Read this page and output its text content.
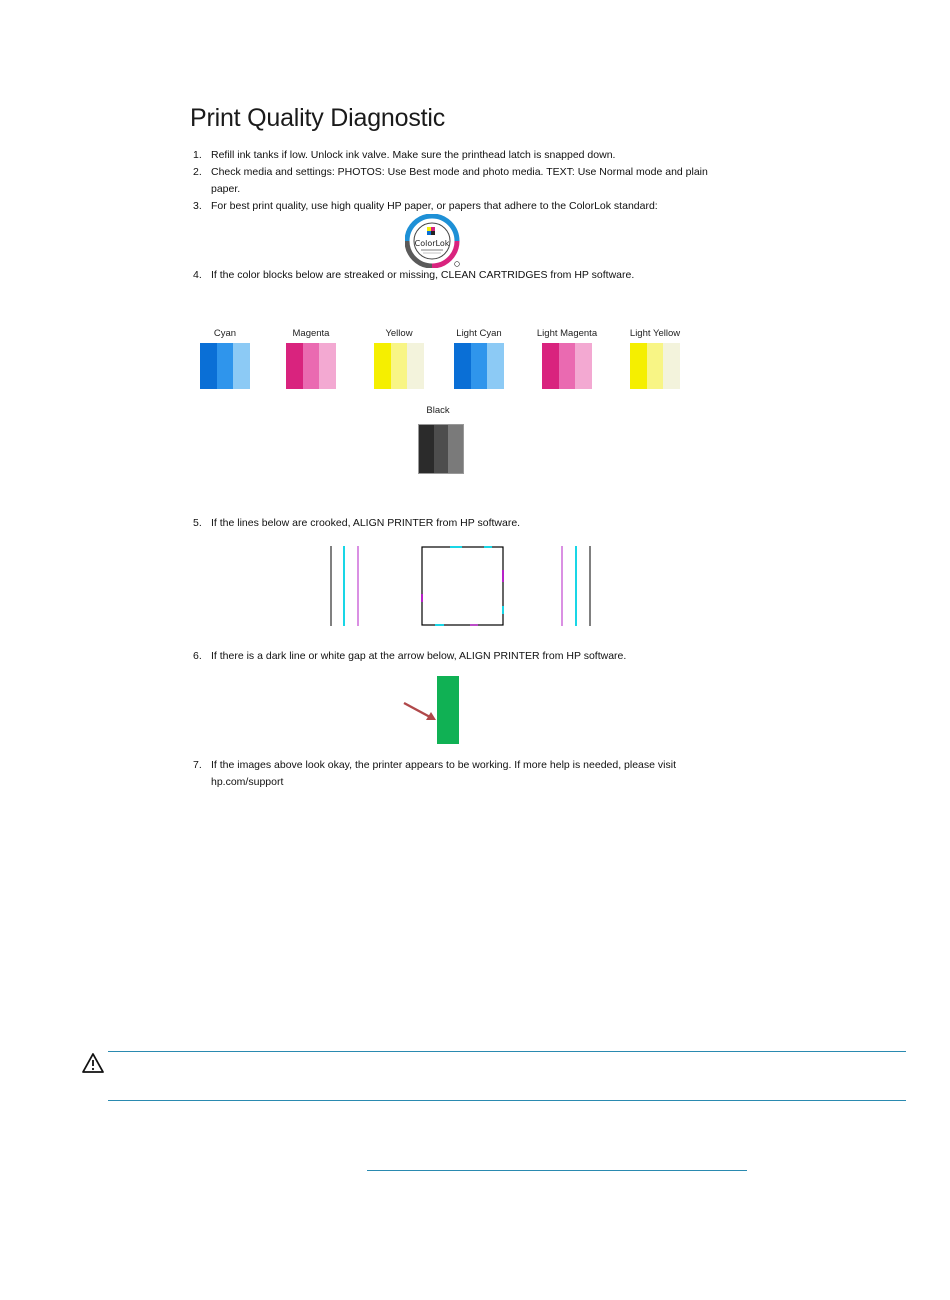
Print Quality Diagnostic
1. Refill ink tanks if low. Unlock ink valve. Make sure the printhead latch is snapped down.
2. Check media and settings: PHOTOS: Use Best mode and photo media. TEXT: Use Normal mode and plain paper.
3. For best print quality, use high quality HP paper, or papers that adhere to the ColorLok standard:
ColorLok
4. If the color blocks below are streaked or missing, CLEAN CARTRIDGES from HP software.
Cyan	Magenta	Yellow	Light Cyan	Light Magenta	Light Yellow
Black
5. If the lines below are crooked, ALIGN PRINTER from HP software.
6. If there is a dark line or white gap at the arrow below, ALIGN PRINTER from HP software.
7. If the images above look okay, the printer appears to be working. If more help is needed, please visit hp.com/support
